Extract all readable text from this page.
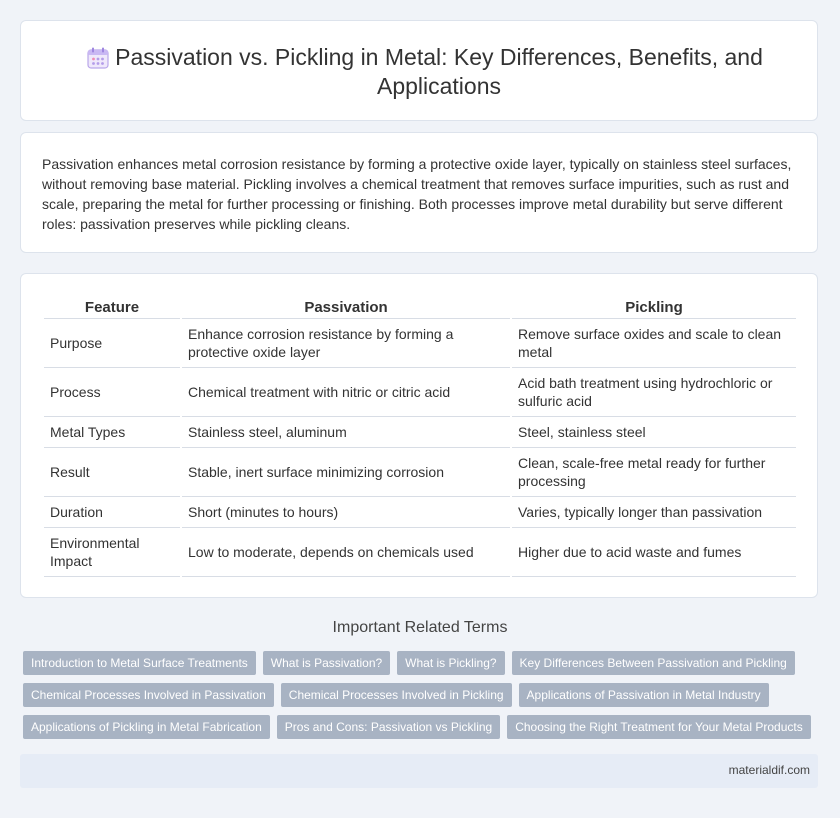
Passivation vs. Pickling in Metal: Key Differences, Benefits, and Applications

Passivation enhances metal corrosion resistance by forming a protective oxide layer, typically on stainless steel surfaces, without removing base material. Pickling involves a chemical treatment that removes surface impurities, such as rust and scale, preparing the metal for further processing or finishing. Both processes improve metal durability but serve different roles: passivation preserves while pickling cleans.

Feature	Passivation	Pickling
Purpose	Enhance corrosion resistance by forming a protective oxide layer	Remove surface oxides and scale to clean metal
Process	Chemical treatment with nitric or citric acid	Acid bath treatment using hydrochloric or sulfuric acid
Metal Types	Stainless steel, aluminum	Steel, stainless steel
Result	Stable, inert surface minimizing corrosion	Clean, scale-free metal ready for further processing
Duration	Short (minutes to hours)	Varies, typically longer than passivation
Environmental Impact	Low to moderate, depends on chemicals used	Higher due to acid waste and fumes
Important Related Terms
Introduction to Metal Surface Treatments	What is Passivation?	What is Pickling?	Key Differences Between Passivation and Pickling
Chemical Processes Involved in Passivation	Chemical Processes Involved in Pickling	Applications of Passivation in Metal Industry
Applications of Pickling in Metal Fabrication	Pros and Cons: Passivation vs Pickling	Choosing the Right Treatment for Your Metal Products
materialdif.com
